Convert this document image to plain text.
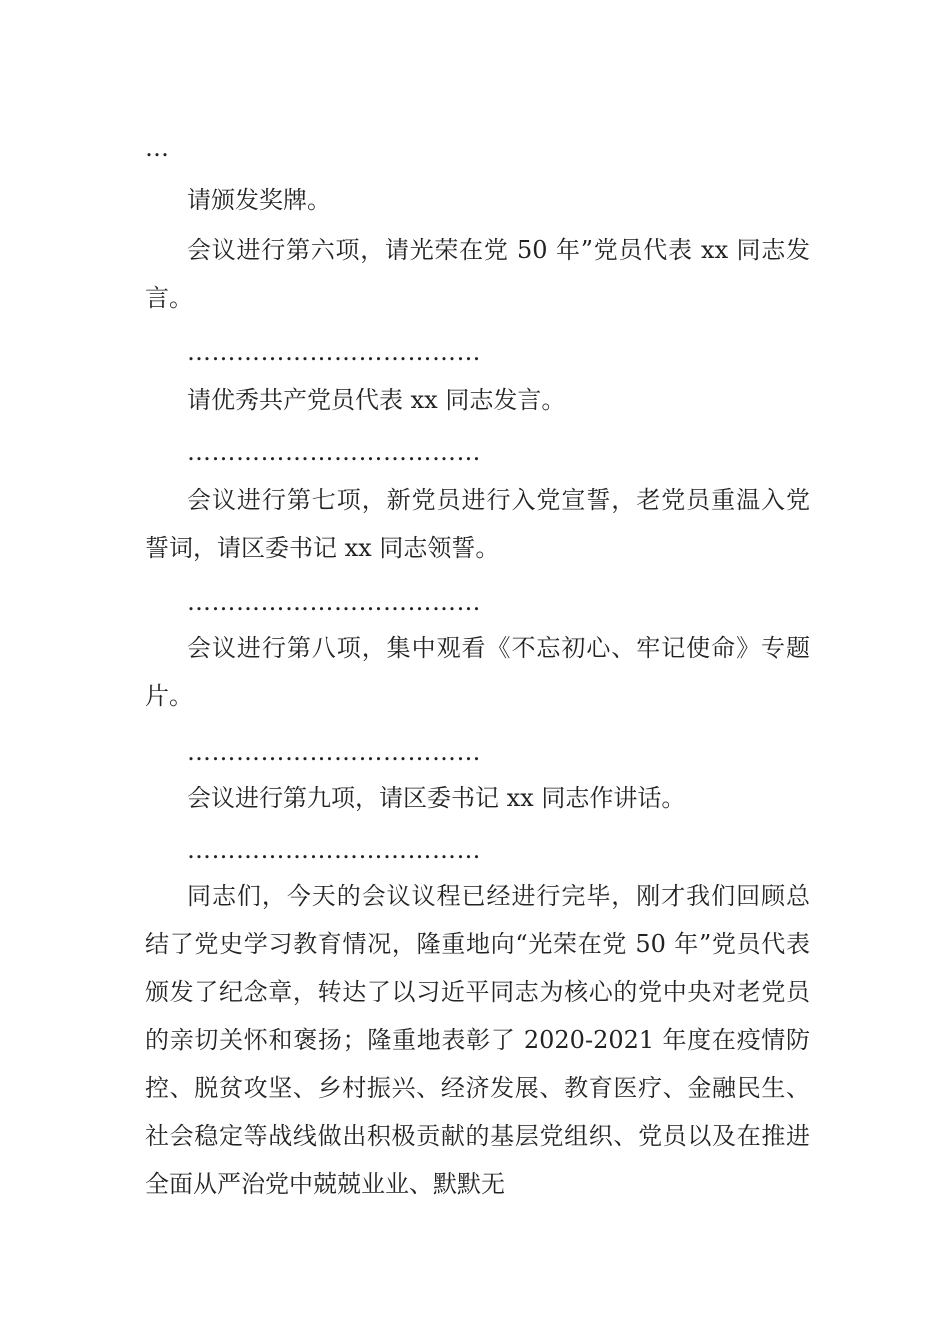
…

请颁发奖牌。

会议进行第六项，请光荣在党 50 年”党员代表 xx 同志发言。

………………………………

请优秀共产党员代表 xx 同志发言。

………………………………

会议进行第七项，新党员进行入党宣誓，老党员重温入党誓词，请区委书记 xx 同志领誓。

………………………………

会议进行第八项，集中观看《不忘初心、牢记使命》专题片。

………………………………

会议进行第九项，请区委书记 xx 同志作讲话。

………………………………

同志们，今天的会议议程已经进行完毕，刚才我们回顾总结了党史学习教育情况，隆重地向“光荣在党 50 年”党员代表颁发了纪念章，转达了以习近平同志为核心的党中央对老党员的亲切关怀和褒扬；隆重地表彰了 2020-2021 年度在疫情防控、脱贫攻坚、乡村振兴、经济发展、教育医疗、金融民生、社会稳定等战线做出积极贡献的基层党组织、党员以及在推进全面从严治党中兢兢业业、默默无
